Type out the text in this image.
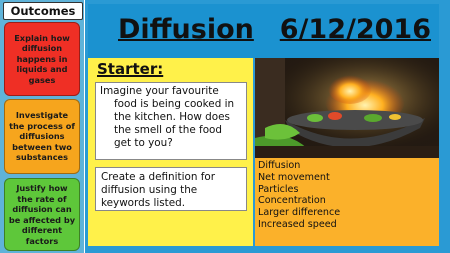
Outcomes
Explain how diffusion happens in liquids and gases
Investigate the process of diffusions between two substances
Justify how the rate of diffusion can be affected by different factors
Diffusion 6/12/2016
Starter:
Imagine your favourite
food is being cooked in
the kitchen. How does
the smell of the food
get to you?
Create a definition for
diffusion using the
keywords listed.
Diffusion
Net movement
Particles
Concentration
Larger difference
Increased speed
